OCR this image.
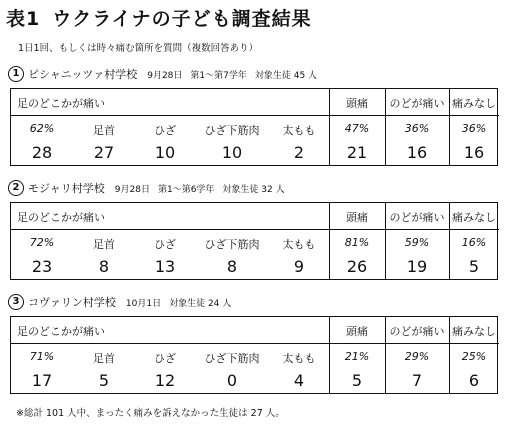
表1 ウクライナの子ども調査結果
1日1回、もしくは時々痛む箇所を質問（複数回答あり）
1 ピシャニッツァ村学校 9月28日 第1～第7学年 対象生徒 45 人
足のどこかが痛い
62%
28
足首
27
ひざ
10
ひざ下筋肉
10
太もも
2
頭痛
47%
21
のどが痛い
36%
16
痛みなし
36%
16
2 モジャリ村学校 9月28日 第1～第6学年 対象生徒 32 人
足のどこかが痛い
72%
23
足首
8
ひざ
13
ひざ下筋肉
8
太もも
9
頭痛
81%
26
のどが痛い
59%
19
痛みなし
16%
5
3 コヴァリン村学校 10月1日 対象生徒 24 人
足のどこかが痛い
71%
17
足首
5
ひざ
12
ひざ下筋肉
0
太もも
4
頭痛
21%
5
のどが痛い
29%
7
痛みなし
25%
6
※総計 101 人中、まったく痛みを訴えなかった生徒は 27 人。
